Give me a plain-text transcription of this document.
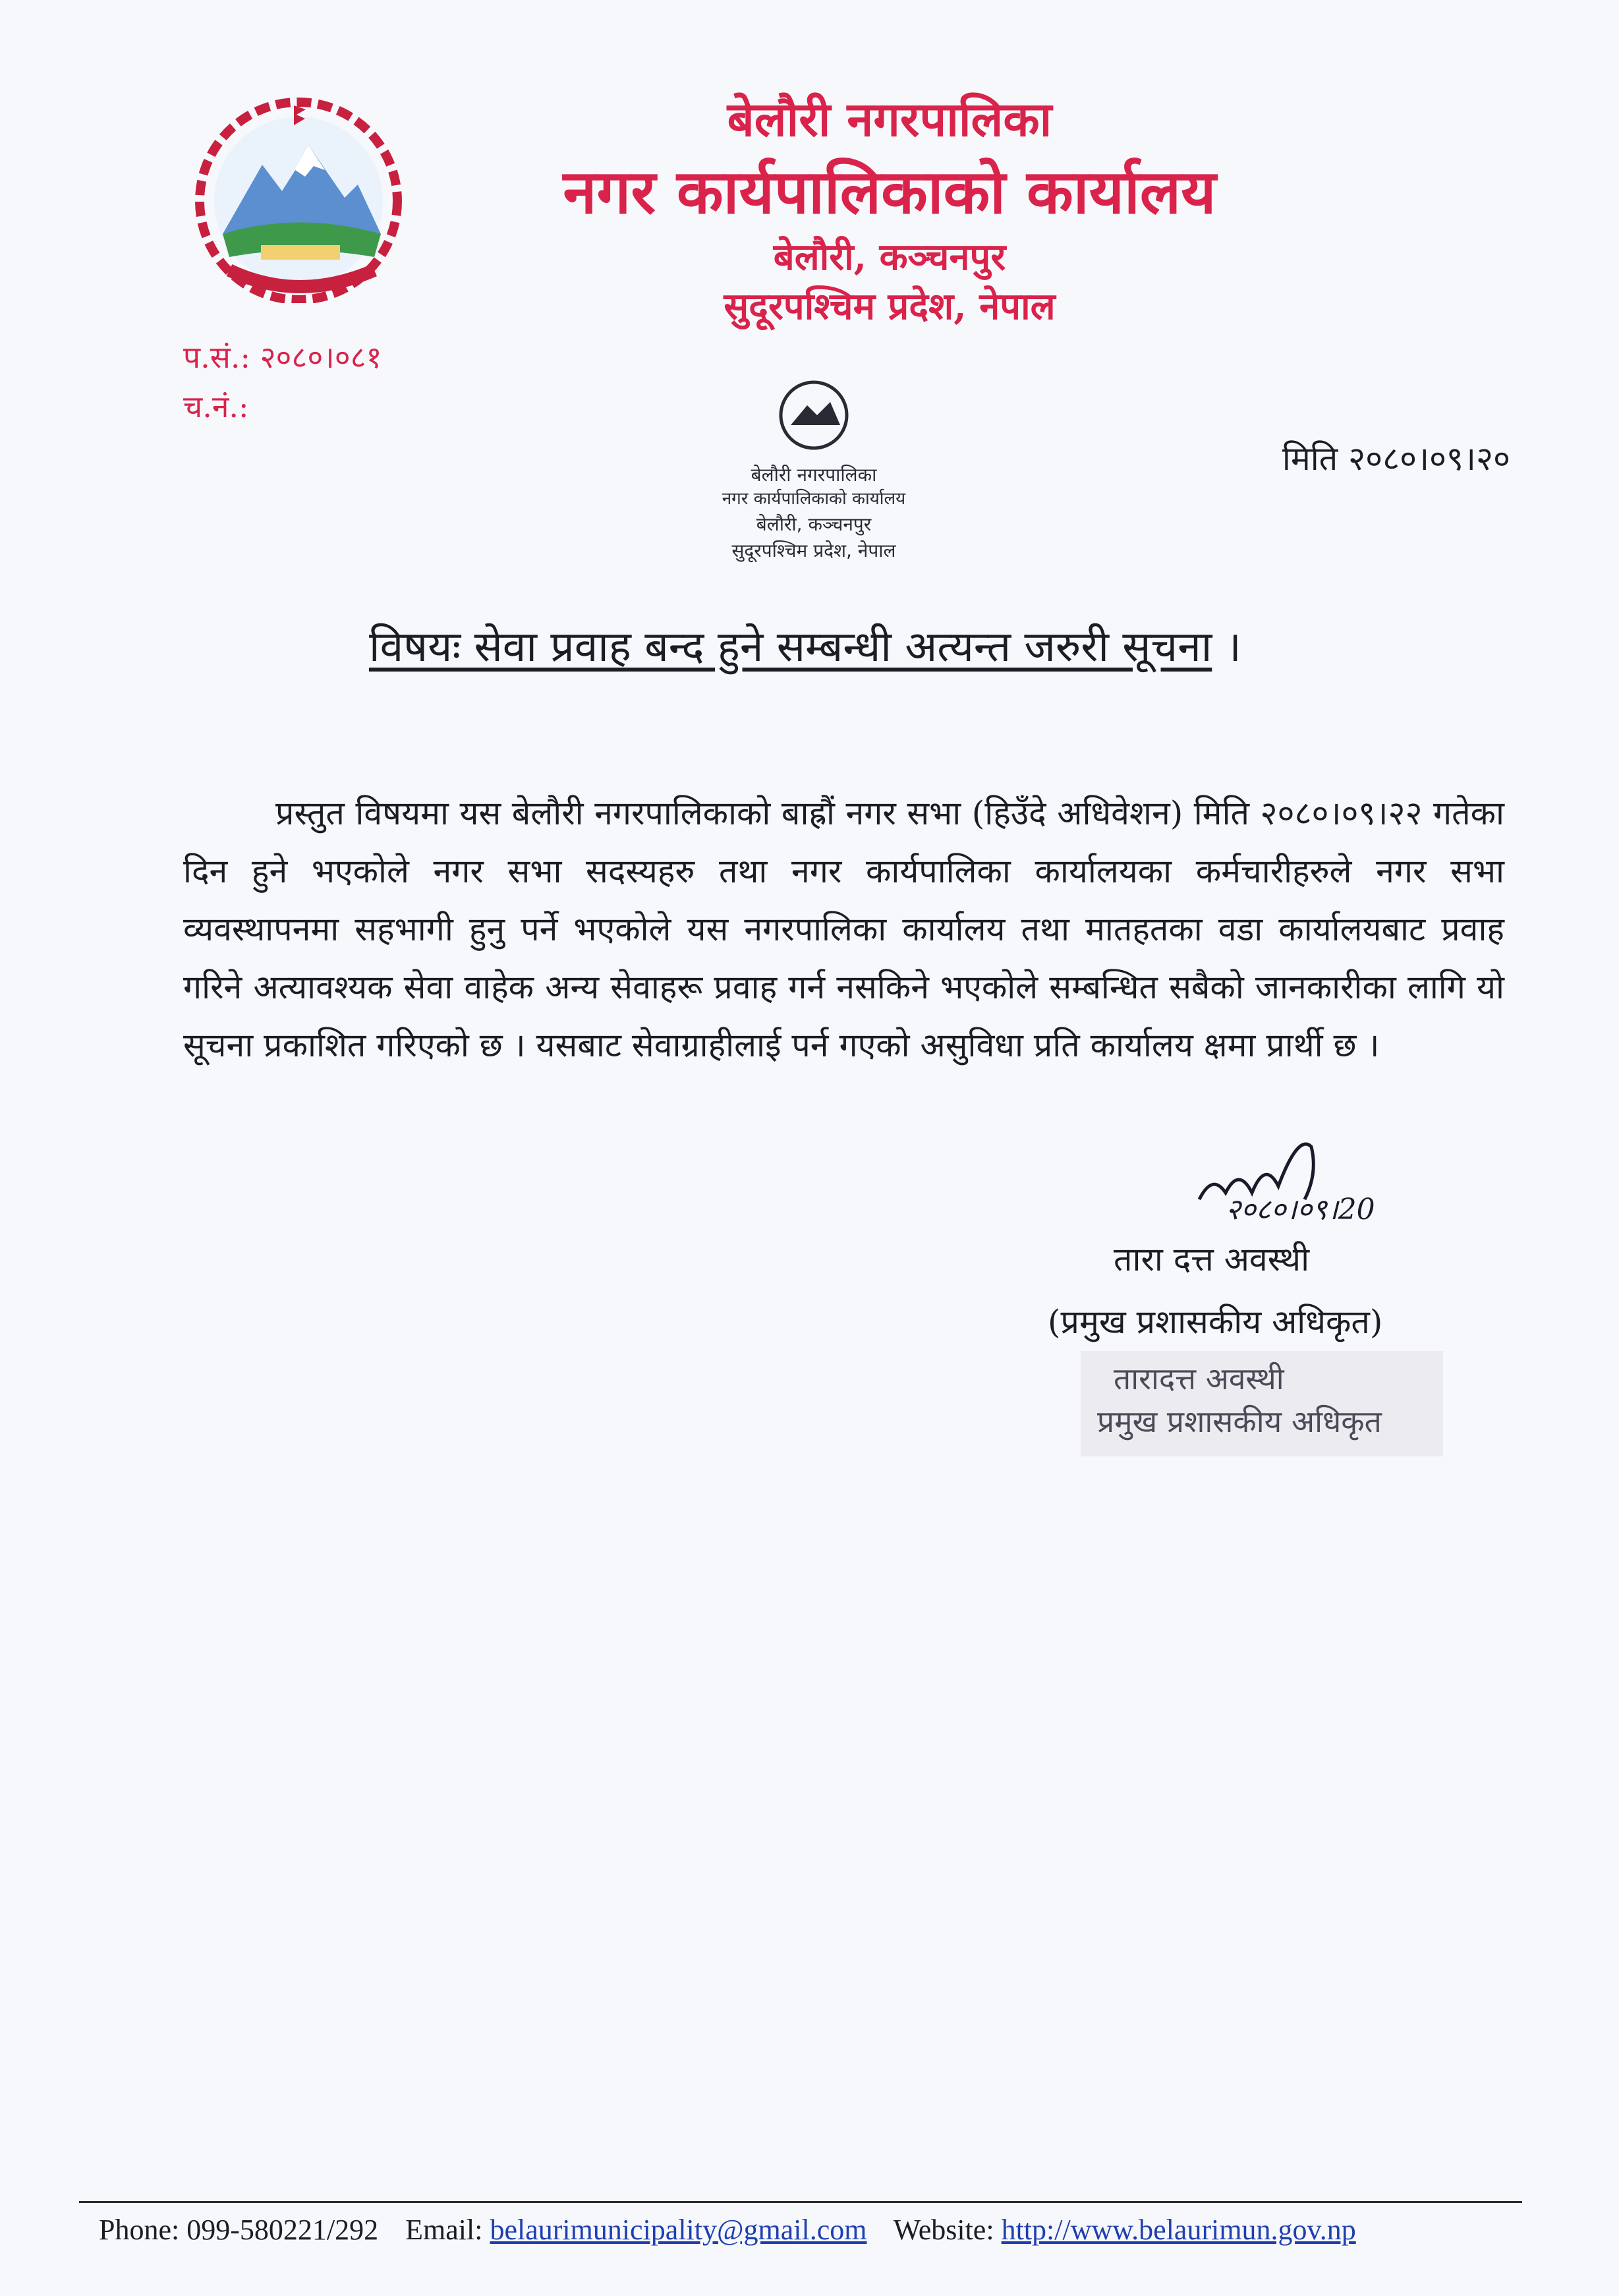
बेलौरी नगरपालिका
नगर कार्यपालिकाको कार्यालय
बेलौरी, कञ्चनपुर
सुदूरपश्चिम प्रदेश, नेपाल
प.सं.: २०८०।०८१
च.नं.:
बेलौरी नगरपालिका
नगर कार्यपालिकाको कार्यालय
बेलौरी, कञ्चनपुर
सुदूरपश्चिम प्रदेश, नेपाल
मिति २०८०।०९।२०
विषयः सेवा प्रवाह बन्द हुने सम्बन्धी अत्यन्त जरुरी सूचना ।

प्रस्तुत विषयमा यस बेलौरी नगरपालिकाको बाह्रौं नगर सभा (हिउँदे अधिवेशन) मिति २०८०।०९।२२ गतेका दिन हुने भएकोले नगर सभा सदस्यहरु तथा नगर कार्यपालिका कार्यालयका कर्मचारीहरुले नगर सभा व्यवस्थापनमा सहभागी हुनु पर्ने भएकोले यस नगरपालिका कार्यालय तथा मातहतका वडा कार्यालयबाट प्रवाह गरिने अत्यावश्यक सेवा वाहेक अन्य सेवाहरू प्रवाह गर्न नसकिने भएकोले सम्बन्धित सबैको जानकारीका लागि यो सूचना प्रकाशित गरिएको छ । यसबाट सेवाग्राहीलाई पर्न गएको असुविधा प्रति कार्यालय क्षमा प्रार्थी छ ।

२०८०।०९।20
तारा दत्त अवस्थी
(प्रमुख प्रशासकीय अधिकृत)
तारादत्त अवस्थी
प्रमुख प्रशासकीय अधिकृत
Phone: 099-580221/292 Email: belaurimunicipality@gmail.com Website: http://www.belaurimun.gov.np
